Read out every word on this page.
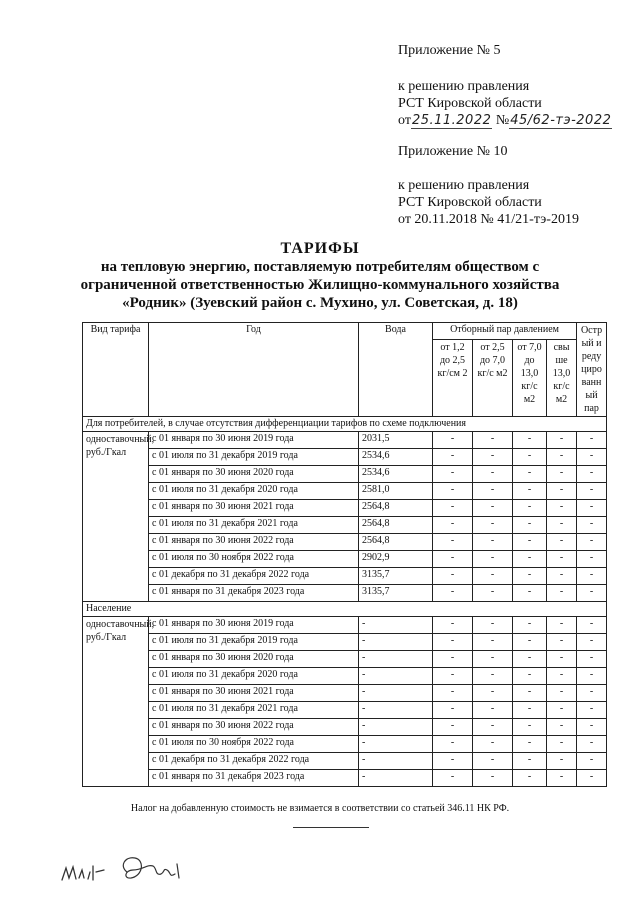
Приложение № 5
к решению правления
РСТ Кировской области
от25.11.2022 №45/62-тэ-2022
Приложение № 10
к решению правления
РСТ Кировской области
от 20.11.2018 № 41/21-тэ-2019
ТАРИФЫ
на тепловую энергию, поставляемую потребителям обществом с
ограниченной ответственностью Жилищно-коммунального хозяйства
«Родник» (Зуевский район с. Мухино, ул. Советская, д. 18)
Вид тарифа	Год	Вода	Отборный пар давлением				Остр ый и реду циро ванн ый пар
			от 1,2 до 2,5 кг/см 2	от 2,5 до 7,0 кг/с м2	от 7,0 до 13,0 кг/с м2	свы ше 13,0 кг/с м2	
Для потребителей, в случае отсутствия дифференциации тарифов по схеме подключения							
одноставочный, руб./Гкал	с 01 января по 30 июня 2019 года	2031,5	-	-	-	-	-
	с 01 июля по 31 декабря 2019 года	2534,6	-	-	-	-	-
	с 01 января по 30 июня 2020 года	2534,6	-	-	-	-	-
	с 01 июля по 31 декабря 2020 года	2581,0	-	-	-	-	-
	с 01 января по 30 июня 2021 года	2564,8	-	-	-	-	-
	с 01 июля по 31 декабря 2021 года	2564,8	-	-	-	-	-
	с 01 января по 30 июня 2022 года	2564,8	-	-	-	-	-
	с 01 июля по 30 ноября 2022 года	2902,9	-	-	-	-	-
	с 01 декабря по 31 декабря 2022 года	3135,7	-	-	-	-	-
	с 01 января по 31 декабря 2023 года	3135,7	-	-	-	-	-
Население							
одноставочный, руб./Гкал	с 01 января по 30 июня 2019 года	-	-	-	-	-	-
	с 01 июля по 31 декабря 2019 года	-	-	-	-	-	-
	с 01 января по 30 июня 2020 года	-	-	-	-	-	-
	с 01 июля по 31 декабря 2020 года	-	-	-	-	-	-
	с 01 января по 30 июня 2021 года	-	-	-	-	-	-
	с 01 июля по 31 декабря 2021 года	-	-	-	-	-	-
	с 01 января по 30 июня 2022 года	-	-	-	-	-	-
	с 01 июля по 30 ноября 2022 года	-	-	-	-	-	-
	с 01 декабря по 31 декабря 2022 года	-	-	-	-	-	-
	с 01 января по 31 декабря 2023 года	-	-	-	-	-	-
Налог на добавленную стоимость не взимается в соответствии со статьей 346.11 НК РФ.
